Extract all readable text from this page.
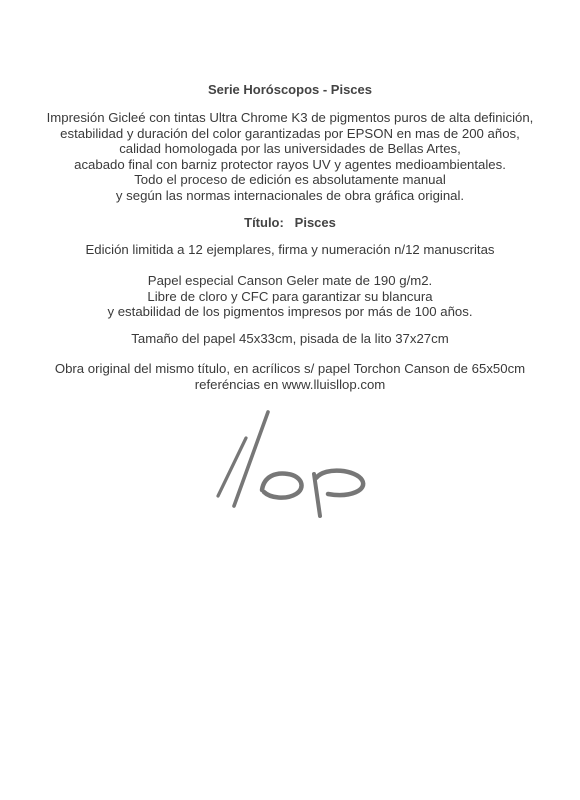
Serie Horóscopos - Pisces
Impresión Gicleé con tintas Ultra Chrome K3 de pigmentos puros de alta definición,
estabilidad y duración del color garantizadas por EPSON en mas de 200 años,
calidad homologada por las universidades de Bellas Artes,
acabado final con barniz protector rayos UV y agentes medioambientales.
Todo el proceso de edición es absolutamente manual
y según las normas internacionales de obra gráfica original.
Título:   Pisces
Edición limitida a 12 ejemplares, firma y numeración n/12 manuscritas
Papel especial Canson Geler mate de 190 g/m2.
Libre de cloro y CFC para garantizar su blancura
y estabilidad de los pigmentos impresos por más de 100 años.
Tamaño del papel 45x33cm, pisada de la lito 37x27cm
Obra original del mismo título, en acrílicos s/ papel Torchon Canson de 65x50cm
referéncias en www.lluisllop.com
